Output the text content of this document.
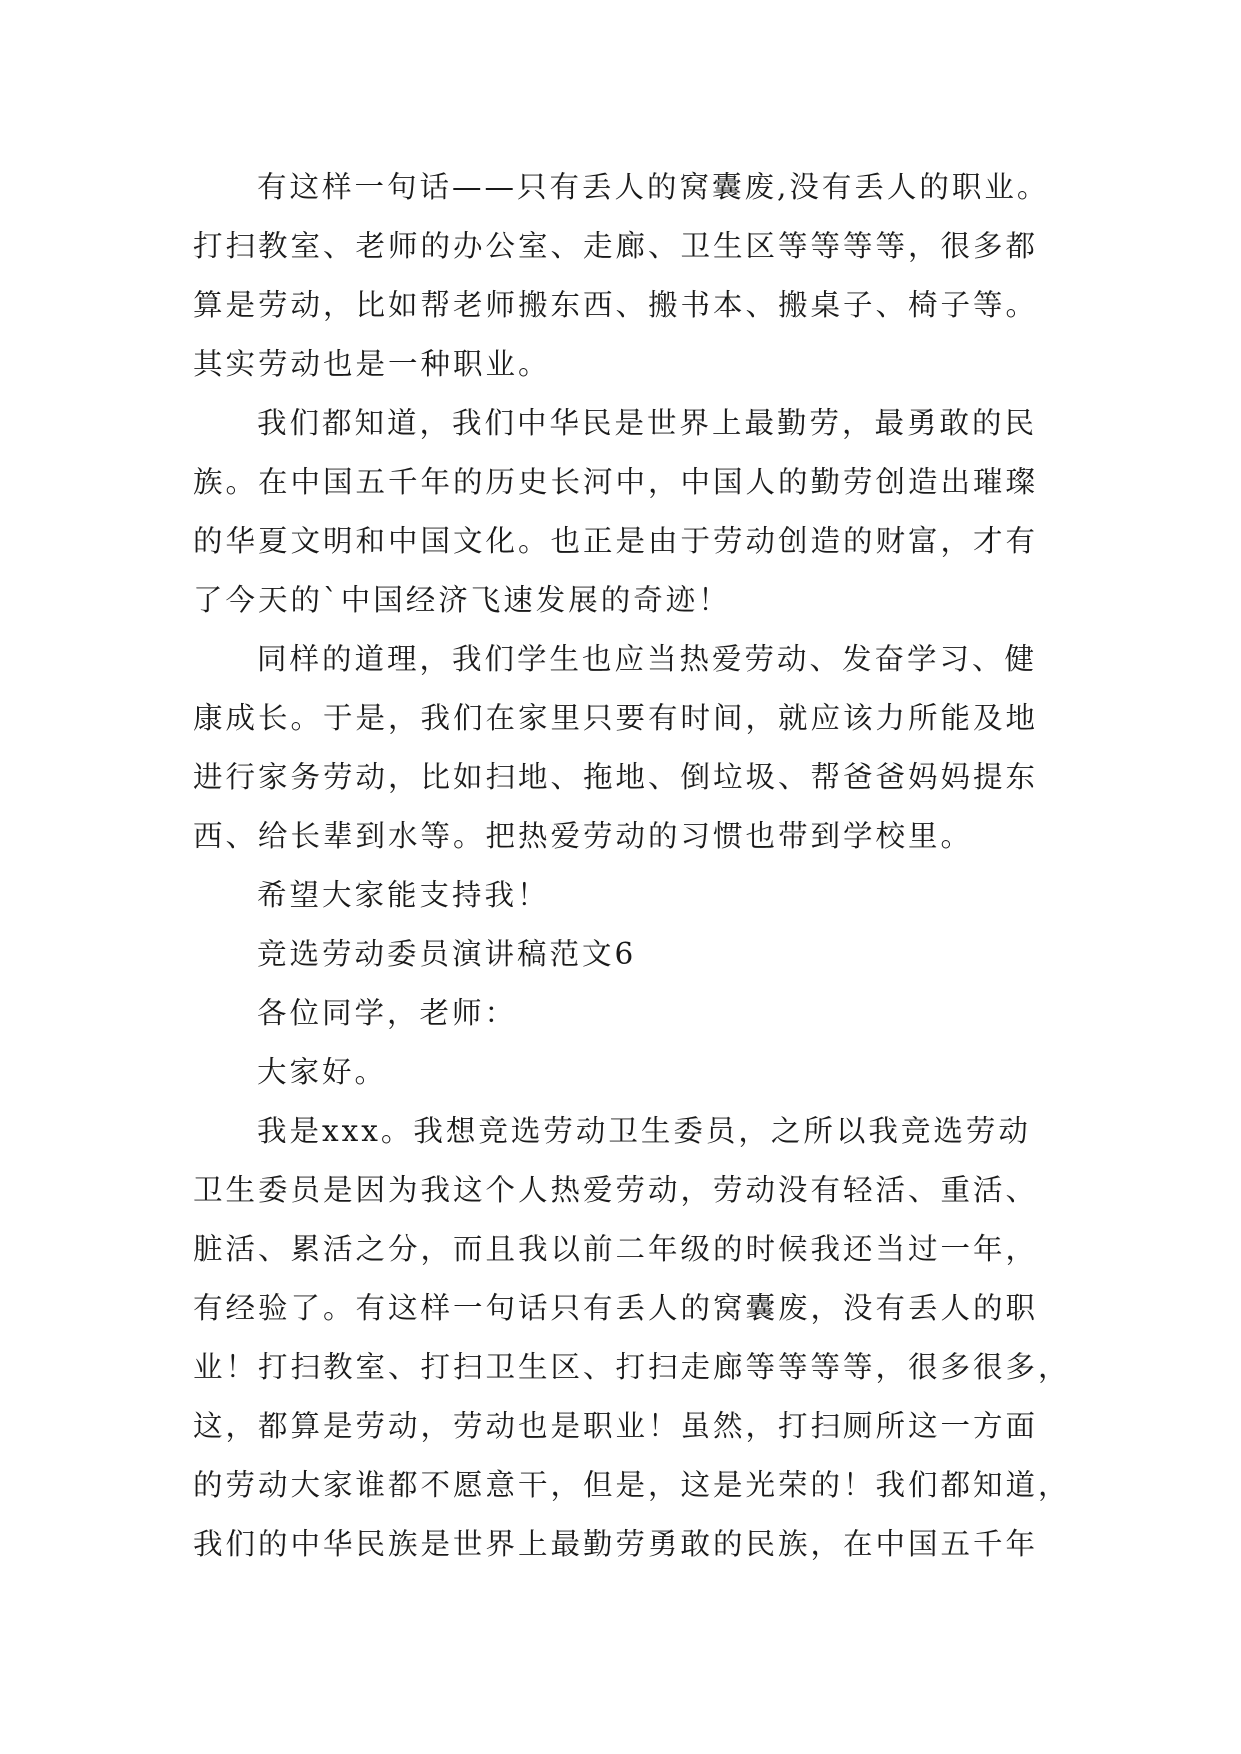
有这样一句话——只有丢人的窝囊废,没有丢人的职业。
打扫教室、老师的办公室、走廊、卫生区等等等等，很多都
算是劳动，比如帮老师搬东西、搬书本、搬桌子、椅子等。
其实劳动也是一种职业。
我们都知道，我们中华民是世界上最勤劳，最勇敢的民
族。在中国五千年的历史长河中，中国人的勤劳创造出璀璨
的华夏文明和中国文化。也正是由于劳动创造的财富，才有
了今天的`中国经济飞速发展的奇迹！
同样的道理，我们学生也应当热爱劳动、发奋学习、健
康成长。于是，我们在家里只要有时间，就应该力所能及地
进行家务劳动，比如扫地、拖地、倒垃圾、帮爸爸妈妈提东
西、给长辈到水等。把热爱劳动的习惯也带到学校里。
希望大家能支持我！
竞选劳动委员演讲稿范文6
各位同学，老师：
大家好。
我是xxx。我想竞选劳动卫生委员，之所以我竞选劳动
卫生委员是因为我这个人热爱劳动，劳动没有轻活、重活、
脏活、累活之分，而且我以前二年级的时候我还当过一年，
有经验了。有这样一句话只有丢人的窝囊废，没有丢人的职
业！打扫教室、打扫卫生区、打扫走廊等等等等，很多很多，
这，都算是劳动，劳动也是职业！虽然，打扫厕所这一方面
的劳动大家谁都不愿意干，但是，这是光荣的！我们都知道，
我们的中华民族是世界上最勤劳勇敢的民族，在中国五千年
